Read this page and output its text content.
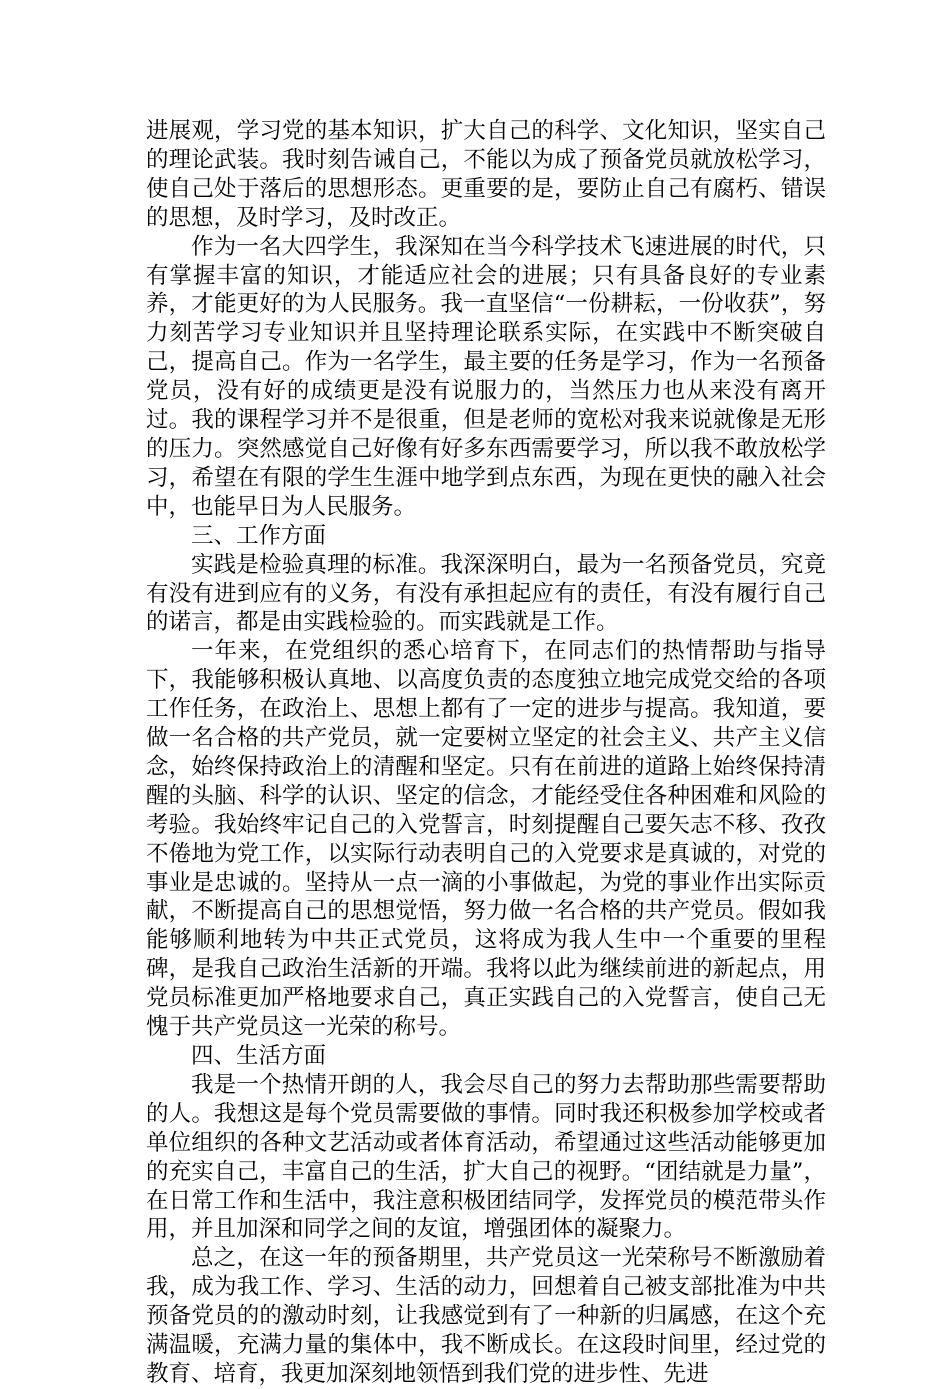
进展观，学习党的基本知识，扩大自己的科学、文化知识，坚实自己的理论武装。我时刻告诫自己，不能以为成了预备党员就放松学习，使自己处于落后的思想形态。更重要的是，要防止自己有腐朽、错误的思想，及时学习，及时改正。

作为一名大四学生，我深知在当今科学技术飞速进展的时代，只有掌握丰富的知识，才能适应社会的进展；只有具备良好的专业素养，才能更好的为人民服务。我一直坚信“一份耕耘，一份收获”，努力刻苦学习专业知识并且坚持理论联系实际，在实践中不断突破自己，提高自己。作为一名学生，最主要的任务是学习，作为一名预备党员，没有好的成绩更是没有说服力的，当然压力也从来没有离开过。我的课程学习并不是很重，但是老师的宽松对我来说就像是无形的压力。突然感觉自己好像有好多东西需要学习，所以我不敢放松学习，希望在有限的学生生涯中地学到点东西，为现在更快的融入社会中，也能早日为人民服务。

三、工作方面

实践是检验真理的标准。我深深明白，最为一名预备党员，究竟有没有进到应有的义务，有没有承担起应有的责任，有没有履行自己的诺言，都是由实践检验的。而实践就是工作。

一年来，在党组织的悉心培育下，在同志们的热情帮助与指导下，我能够积极认真地、以高度负责的态度独立地完成党交给的各项工作任务，在政治上、思想上都有了一定的进步与提高。我知道，要做一名合格的共产党员，就一定要树立坚定的社会主义、共产主义信念，始终保持政治上的清醒和坚定。只有在前进的道路上始终保持清醒的头脑、科学的认识、坚定的信念，才能经受住各种困难和风险的考验。我始终牢记自己的入党誓言，时刻提醒自己要矢志不移、孜孜不倦地为党工作，以实际行动表明自己的入党要求是真诚的，对党的事业是忠诚的。坚持从一点一滴的小事做起，为党的事业作出实际贡献，不断提高自己的思想觉悟，努力做一名合格的共产党员。假如我能够顺利地转为中共正式党员，这将成为我人生中一个重要的里程碑，是我自己政治生活新的开端。我将以此为继续前进的新起点，用党员标准更加严格地要求自己，真正实践自己的入党誓言，使自己无愧于共产党员这一光荣的称号。

四、生活方面

我是一个热情开朗的人，我会尽自己的努力去帮助那些需要帮助的人。我想这是每个党员需要做的事情。同时我还积极参加学校或者单位组织的各种文艺活动或者体育活动，希望通过这些活动能够更加的充实自己，丰富自己的生活，扩大自己的视野。“团结就是力量”，在日常工作和生活中，我注意积极团结同学，发挥党员的模范带头作用，并且加深和同学之间的友谊，增强团体的凝聚力。

总之，在这一年的预备期里，共产党员这一光荣称号不断激励着我，成为我工作、学习、生活的动力，回想着自己被支部批准为中共预备党员的的激动时刻，让我感觉到有了一种新的归属感，在这个充满温暖，充满力量的集体中，我不断成长。在这段时间里，经过党的教育、培育，我更加深刻地领悟到我们党的进步性、先进
